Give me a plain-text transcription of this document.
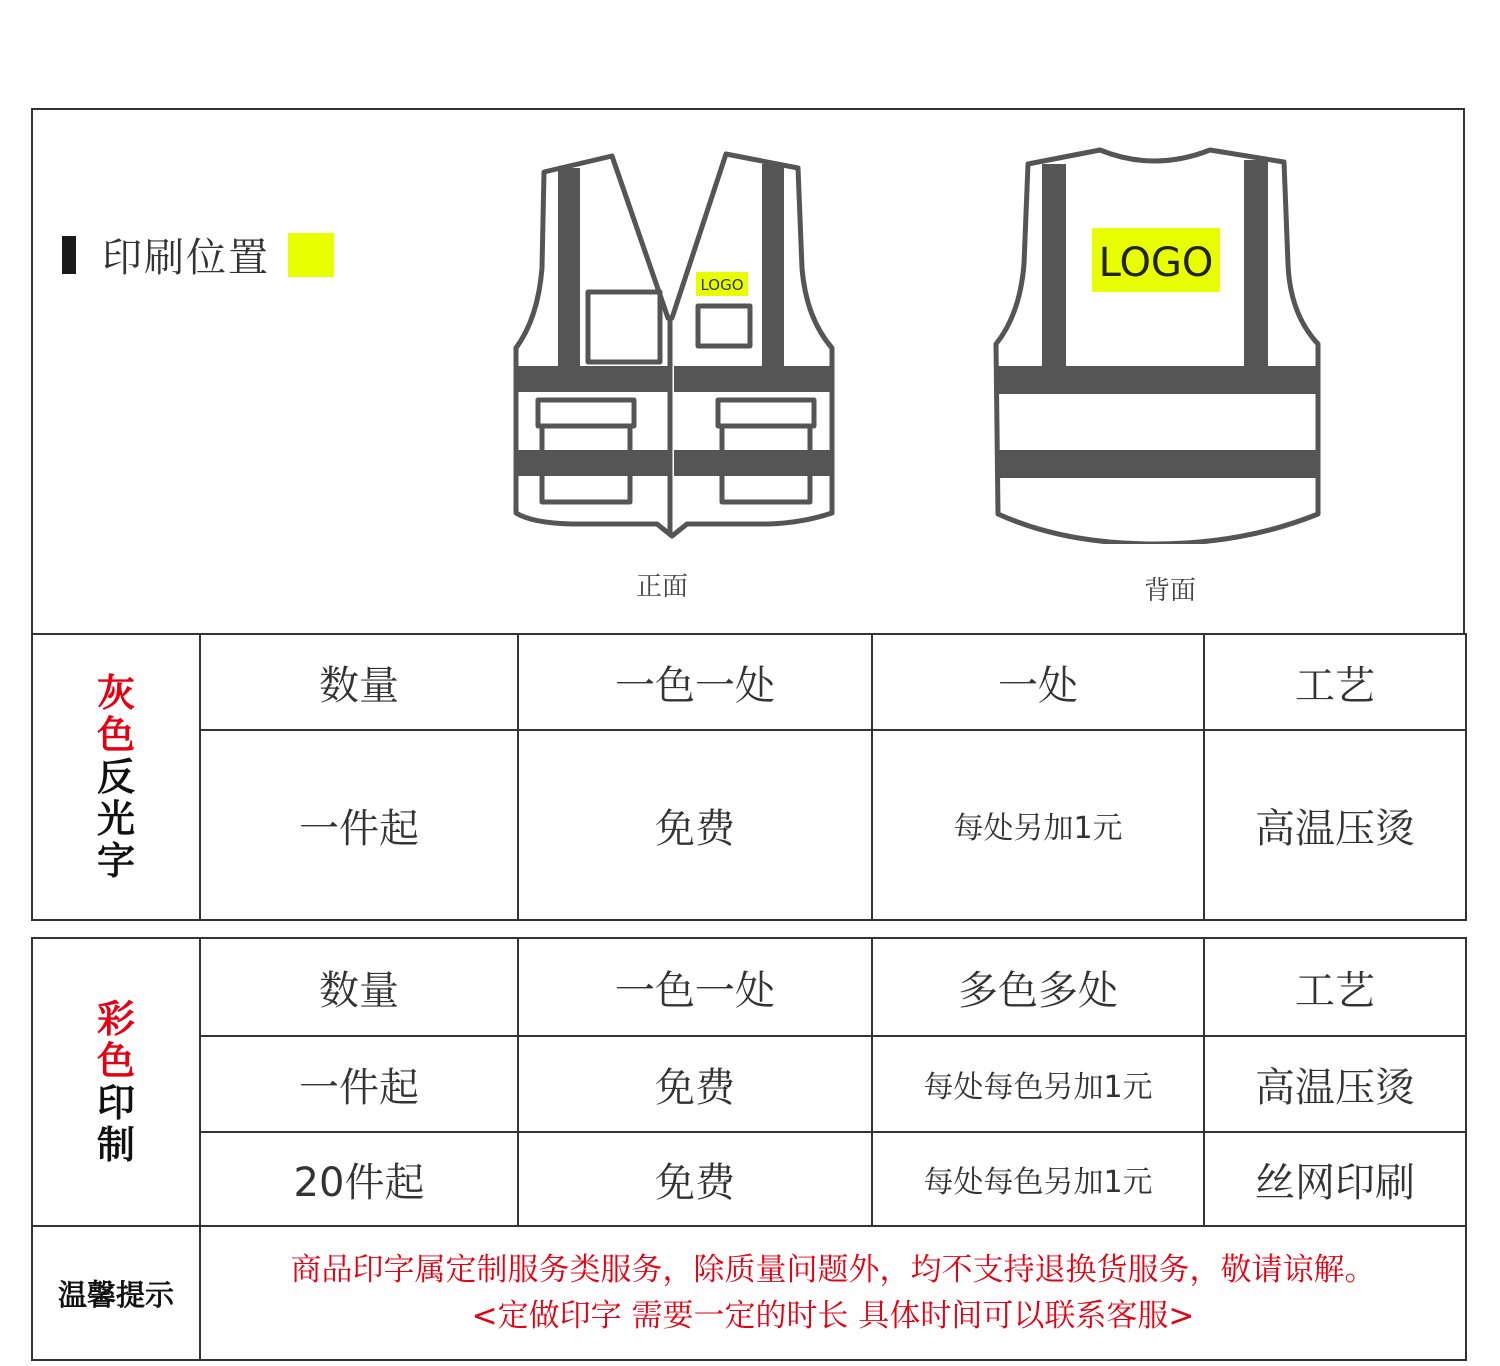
印刷位置
LOGO
正面
LOGO
背面
灰
色
反
光
字	数量	一色一处	一处	工艺
	一件起	免费	每处另加1元	高温压烫
彩
色
印
制	数量	一色一处	多色多处	工艺
	一件起	免费	每处每色另加1元	高温压烫
	20件起	免费	每处每色另加1元	丝网印刷
温馨提示	商品印字属定制服务类服务，除质量问题外，均不支持退换货服务，敬请谅解。
<定做印字 需要一定的时长 具体时间可以联系客服>			
